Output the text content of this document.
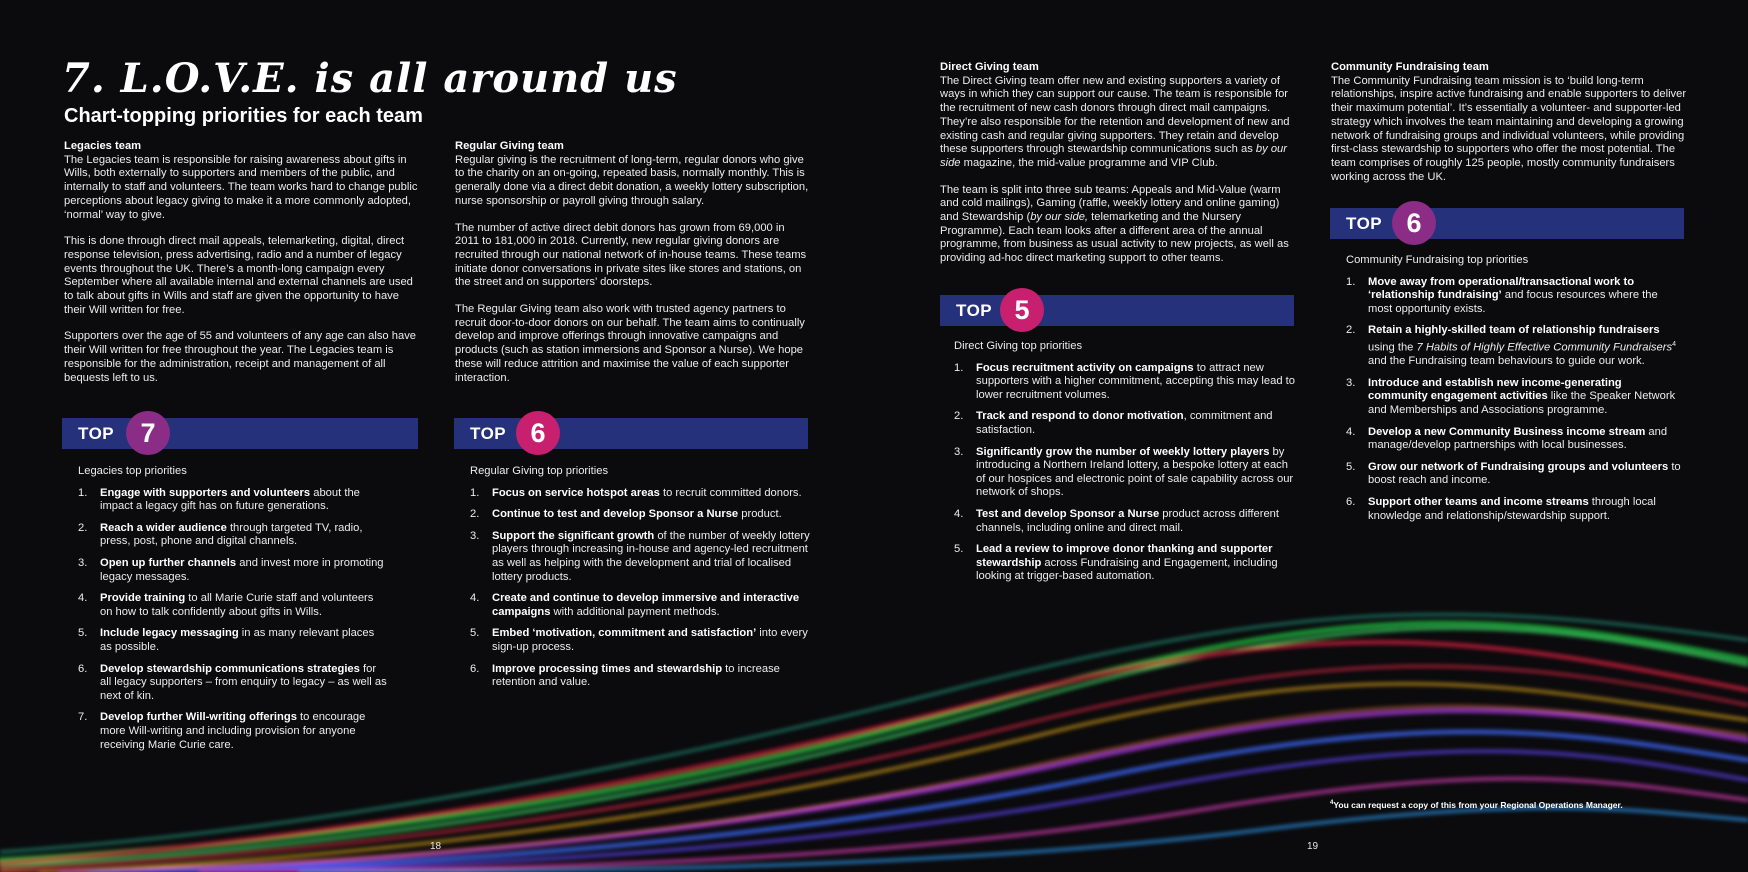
7. L.O.V.E. is all around us
Chart-topping priorities for each team
Legacies team

The Legacies team is responsible for raising awareness about gifts in Wills, both externally to supporters and members of the public, and internally to staff and volunteers. The team works hard to change public perceptions about legacy giving to make it a more commonly adopted, ‘normal’ way to give.

This is done through direct mail appeals, telemarketing, digital, direct response television, press advertising, radio and a number of legacy events throughout the UK. There’s a month-long campaign every September where all available internal and external channels are used to talk about gifts in Wills and staff are given the opportunity to have their Will written for free.

Supporters over the age of 55 and volunteers of any age can also have their Will written for free throughout the year. The Legacies team is responsible for the administration, receipt and management of all bequests left to us.

TOP 7
Legacies top priorities
1. Engage with supporters and volunteers about the impact a legacy gift has on future generations.
2. Reach a wider audience through targeted TV, radio, press, post, phone and digital channels.
3. Open up further channels and invest more in promoting legacy messages.
4. Provide training to all Marie Curie staff and volunteers on how to talk confidently about gifts in Wills.
5. Include legacy messaging in as many relevant places as possible.
6. Develop stewardship communications strategies for all legacy supporters – from enquiry to legacy – as well as next of kin.
7. Develop further Will-writing offerings to encourage more Will-writing and including provision for anyone receiving Marie Curie care.
Regular Giving team

Regular giving is the recruitment of long-term, regular donors who give to the charity on an on-going, repeated basis, normally monthly. This is generally done via a direct debit donation, a weekly lottery subscription, nurse sponsorship or payroll giving through salary.

The number of active direct debit donors has grown from 69,000 in 2011 to 181,000 in 2018. Currently, new regular giving donors are recruited through our national network of in-house teams. These teams initiate donor conversations in private sites like stores and stations, on the street and on supporters’ doorsteps.

The Regular Giving team also work with trusted agency partners to recruit door-to-door donors on our behalf. The team aims to continually develop and improve offerings through innovative campaigns and products (such as station immersions and Sponsor a Nurse). We hope these will reduce attrition and maximise the value of each supporter interaction.

TOP 6
Regular Giving top priorities
1. Focus on service hotspot areas to recruit committed donors.
2. Continue to test and develop Sponsor a Nurse product.
3. Support the significant growth of the number of weekly lottery players through increasing in-house and agency-led recruitment as well as helping with the development and trial of localised lottery products.
4. Create and continue to develop immersive and interactive campaigns with additional payment methods.
5. Embed ‘motivation, commitment and satisfaction’ into every sign-up process.
6. Improve processing times and stewardship to increase retention and value.
Direct Giving team

The Direct Giving team offer new and existing supporters a variety of ways in which they can support our cause. The team is responsible for the recruitment of new cash donors through direct mail campaigns. They’re also responsible for the retention and development of new and existing cash and regular giving supporters. They retain and develop these supporters through stewardship communications such as by our side magazine, the mid-value programme and VIP Club.

The team is split into three sub teams: Appeals and Mid-Value (warm and cold mailings), Gaming (raffle, weekly lottery and online gaming) and Stewardship (by our side, telemarketing and the Nursery Programme). Each team looks after a different area of the annual programme, from business as usual activity to new projects, as well as providing ad-hoc direct marketing support to other teams.

TOP 5
Direct Giving top priorities
1. Focus recruitment activity on campaigns to attract new supporters with a higher commitment, accepting this may lead to lower recruitment volumes.
2. Track and respond to donor motivation, commitment and satisfaction.
3. Significantly grow the number of weekly lottery players by introducing a Northern Ireland lottery, a bespoke lottery at each of our hospices and electronic point of sale capability across our network of shops.
4. Test and develop Sponsor a Nurse product across different channels, including online and direct mail.
5. Lead a review to improve donor thanking and supporter stewardship across Fundraising and Engagement, including looking at trigger-based automation.
Community Fundraising team

The Community Fundraising team mission is to ‘build long-term relationships, inspire active fundraising and enable supporters to deliver their maximum potential’. It’s essentially a volunteer- and supporter-led strategy which involves the team maintaining and developing a growing network of fundraising groups and individual volunteers, while providing first-class stewardship to supporters who offer the most potential. The team comprises of roughly 125 people, mostly community fundraisers working across the UK.

TOP 6
Community Fundraising top priorities
1. Move away from operational/transactional work to ‘relationship fundraising’ and focus resources where the most opportunity exists.
2. Retain a highly-skilled team of relationship fundraisers using the 7 Habits of Highly Effective Community Fundraisers$^4$ and the Fundraising team behaviours to guide our work.
3. Introduce and establish new income-generating community engagement activities like the Speaker Network and Memberships and Associations programme.
4. Develop a new Community Business income stream and manage/develop partnerships with local businesses.
5. Grow our network of Fundraising groups and volunteers to boost reach and income.
6. Support other teams and income streams through local knowledge and relationship/stewardship support.
$^4$You can request a copy of this from your Regional Operations Manager.
18	19
